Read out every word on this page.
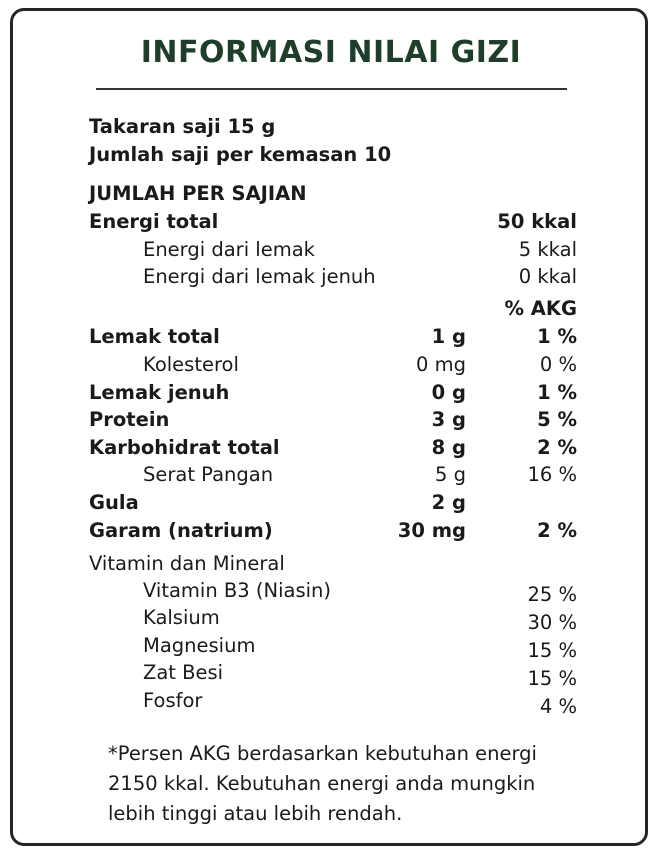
INFORMASI NILAI GIZI
Takaran saji 15 g
Jumlah saji per kemasan 10
JUMLAH PER SAJIAN
Energi total	50 kkal
Energi dari lemak	5 kkal
Energi dari lemak jenuh	0 kkal
% AKG
Lemak total	1 g	1 %
Kolesterol	0 mg	0 %
Lemak jenuh	0 g	1 %
Protein	3 g	5 %
Karbohidrat total	8 g	2 %
Serat Pangan	5 g	16 %
Gula	2 g
Garam (natrium)	30 mg	2 %
Vitamin dan Mineral
Vitamin B3 (Niasin)	25 %
Kalsium	30 %
Magnesium	15 %
Zat Besi	15 %
Fosfor	4 %
*Persen AKG berdasarkan kebutuhan energi 2150 kkal. Kebutuhan energi anda mungkin lebih tinggi atau lebih rendah.
